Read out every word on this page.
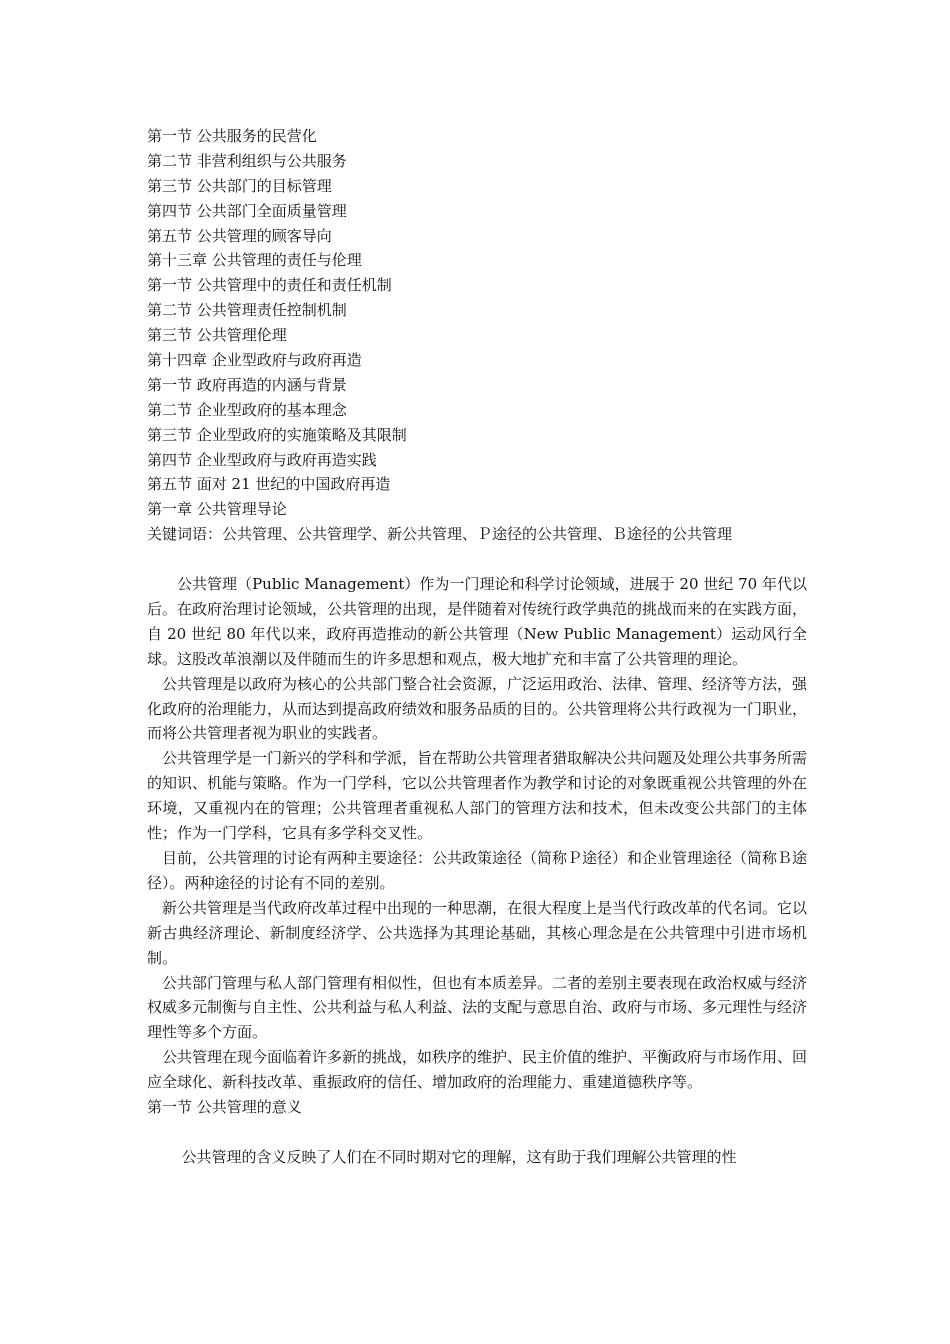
第一节 公共服务的民营化
第二节 非营利组织与公共服务
第三节 公共部门的目标管理
第四节 公共部门全面质量管理
第五节 公共管理的顾客导向
第十三章 公共管理的责任与伦理
第一节 公共管理中的责任和责任机制
第二节 公共管理责任控制机制
第三节 公共管理伦理
第十四章 企业型政府与政府再造
第一节 政府再造的内涵与背景
第二节 企业型政府的基本理念
第三节 企业型政府的实施策略及其限制
第四节 企业型政府与政府再造实践
第五节 面对 21 世纪的中国政府再造
第一章 公共管理导论
关键词语：公共管理、公共管理学、新公共管理、Ｐ途径的公共管理、Ｂ途径的公共管理

公共管理（Public Management）作为一门理论和科学讨论领域，进展于 20 世纪 70 年代以后。在政府治理讨论领域，公共管理的出现，是伴随着对传统行政学典范的挑战而来的在实践方面，自 20 世纪 80 年代以来，政府再造推动的新公共管理（New Public Management）运动风行全球。这股改革浪潮以及伴随而生的许多思想和观点，极大地扩充和丰富了公共管理的理论。

公共管理是以政府为核心的公共部门整合社会资源，广泛运用政治、法律、管理、经济等方法，强化政府的治理能力，从而达到提高政府绩效和服务品质的目的。公共管理将公共行政视为一门职业，而将公共管理者视为职业的实践者。

公共管理学是一门新兴的学科和学派，旨在帮助公共管理者猎取解决公共问题及处理公共事务所需的知识、机能与策略。作为一门学科，它以公共管理者作为教学和讨论的对象既重视公共管理的外在环境，又重视内在的管理；公共管理者重视私人部门的管理方法和技术，但未改变公共部门的主体性；作为一门学科，它具有多学科交叉性。

目前，公共管理的讨论有两种主要途径：公共政策途径（简称Ｐ途径）和企业管理途径（简称Ｂ途径）。两种途径的讨论有不同的差别。

新公共管理是当代政府改革过程中出现的一种思潮，在很大程度上是当代行政改革的代名词。它以新古典经济理论、新制度经济学、公共选择为其理论基础，其核心理念是在公共管理中引进市场机制。

公共部门管理与私人部门管理有相似性，但也有本质差异。二者的差别主要表现在政治权威与经济权威多元制衡与自主性、公共利益与私人利益、法的支配与意思自治、政府与市场、多元理性与经济理性等多个方面。

公共管理在现今面临着许多新的挑战，如秩序的维护、民主价值的维护、平衡政府与市场作用、回应全球化、新科技改革、重振政府的信任、增加政府的治理能力、重建道德秩序等。

第一节 公共管理的意义

公共管理的含义反映了人们在不同时期对它的理解，这有助于我们理解公共管理的性
